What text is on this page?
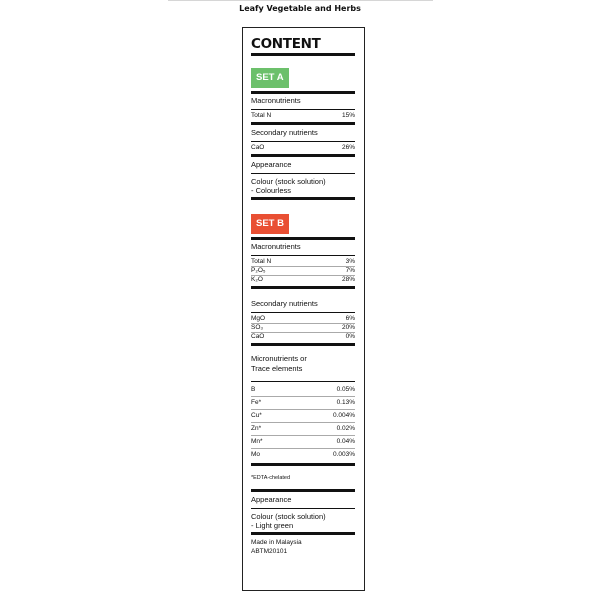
Leafy Vegetable and Herbs
CONTENT
SET A
Macronutrients
Total N	15%
Secondary nutrients
CaO	26%
Appearance
Colour (stock solution)
- Colourless
SET B
Macronutrients
Total N	3%
P₂O₅	7%
K₂O	28%
Secondary nutrients
MgO	6%
SO₃	20%
CaO	0%
Micronutrients or
Trace elements
B	0.05%
Fe*	0.13%
Cu*	0.004%
Zn*	0.02%
Mn*	0.04%
Mo	0.003%
*EDTA-chelated
Appearance
Colour (stock solution)
- Light green
Made in Malaysia
ABTM20101
